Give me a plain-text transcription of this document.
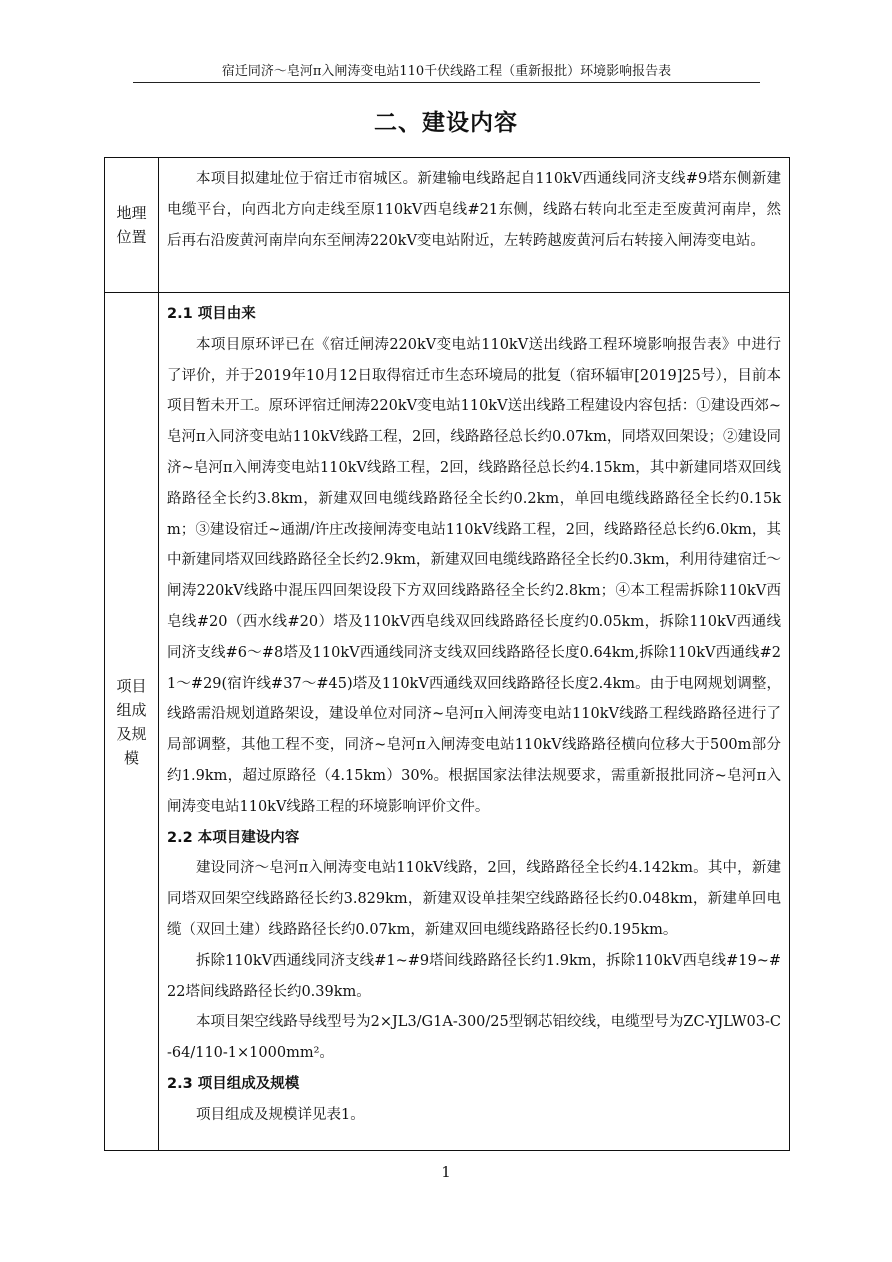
宿迁同济～皂河π入闸涛变电站110千伏线路工程（重新报批）环境影响报告表
二、建设内容
地理位置

本项目拟建址位于宿迁市宿城区。新建输电线路起自110kV西通线同济支线#9塔东侧新建电缆平台，向西北方向走线至原110kV西皂线#21东侧，线路右转向北至走至废黄河南岸，然后再右沿废黄河南岸向东至闸涛220kV变电站附近，左转跨越废黄河后右转接入闸涛变电站。

项目组成及规模
2.1 项目由来

本项目原环评已在《宿迁闸涛220kV变电站110kV送出线路工程环境影响报告表》中进行了评价，并于2019年10月12日取得宿迁市生态环境局的批复（宿环辐审[2019]25号），目前本项目暂未开工。原环评宿迁闸涛220kV变电站110kV送出线路工程建设内容包括：①建设西郊~皂河π入同济变电站110kV线路工程，2回，线路路径总长约0.07km，同塔双回架设；②建设同济~皂河π入闸涛变电站110kV线路工程，2回，线路路径总长约4.15km，其中新建同塔双回线路路径全长约3.8km，新建双回电缆线路路径全长约0.2km，单回电缆线路路径全长约0.15km；③建设宿迁~通湖/许庄改接闸涛变电站110kV线路工程，2回，线路路径总长约6.0km，其中新建同塔双回线路路径全长约2.9km，新建双回电缆线路路径全长约0.3km，利用待建宿迁～闸涛220kV线路中混压四回架设段下方双回线路路径全长约2.8km；④本工程需拆除110kV西皂线#20（西水线#20）塔及110kV西皂线双回线路路径长度约0.05km，拆除110kV西通线同济支线#6～#8塔及110kV西通线同济支线双回线路路径长度0.64km,拆除110kV西通线#21～#29(宿许线#37～#45)塔及110kV西通线双回线路路径长度2.4km。由于电网规划调整，线路需沿规划道路架设，建设单位对同济~皂河π入闸涛变电站110kV线路工程线路路径进行了局部调整，其他工程不变，同济~皂河π入闸涛变电站110kV线路路径横向位移大于500m部分约1.9km，超过原路径（4.15km）30%。根据国家法律法规要求，需重新报批同济~皂河π入闸涛变电站110kV线路工程的环境影响评价文件。

2.2 本项目建设内容

建设同济～皂河π入闸涛变电站110kV线路，2回，线路路径全长约4.142km。其中，新建同塔双回架空线路路径长约3.829km，新建双设单挂架空线路路径长约0.048km，新建单回电缆（双回土建）线路路径长约0.07km，新建双回电缆线路路径长约0.195km。

拆除110kV西通线同济支线#1~#9塔间线路路径长约1.9km，拆除110kV西皂线#19~#22塔间线路路径长约0.39km。

本项目架空线路导线型号为2×JL3/G1A-300/25型钢芯铝绞线，电缆型号为ZC-YJLW03-C-64/110-1×1000mm²。

2.3 项目组成及规模

项目组成及规模详见表1。

1
